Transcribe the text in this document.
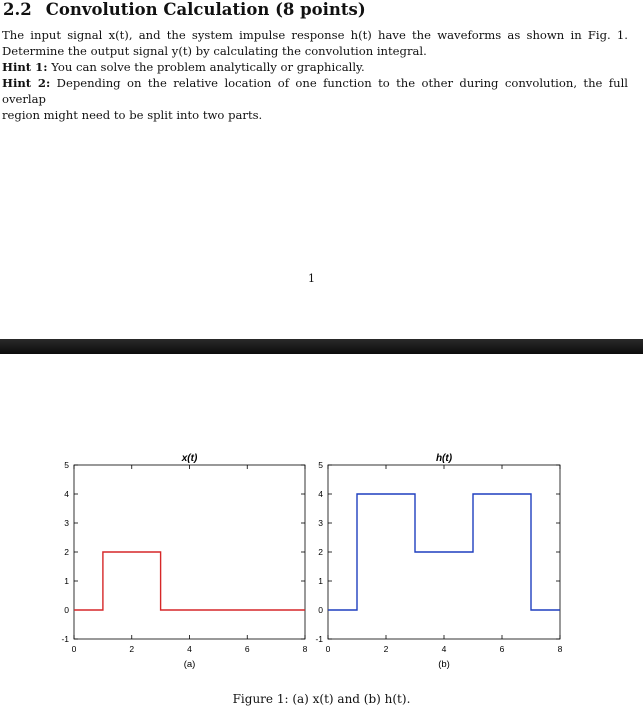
2.2 Convolution Calculation (8 points)

The input signal x(t), and the system impulse response h(t) have the waveforms as shown in Fig. 1.

Determine the output signal y(t) by calculating the convolution integral.

Hint 1: You can solve the problem analytically or graphically.

Hint 2: Depending on the relative location of one function to the other during convolution, the full overlap

region might need to be split into two parts.

1
0	2	4	6	8
-1
0
1
2
3
4
5
x(t)
(a)
0	2	4	6	8
-1
0
1
2
3
4
5
h(t)
(b)
Figure 1: (a) x(t) and (b) h(t).
